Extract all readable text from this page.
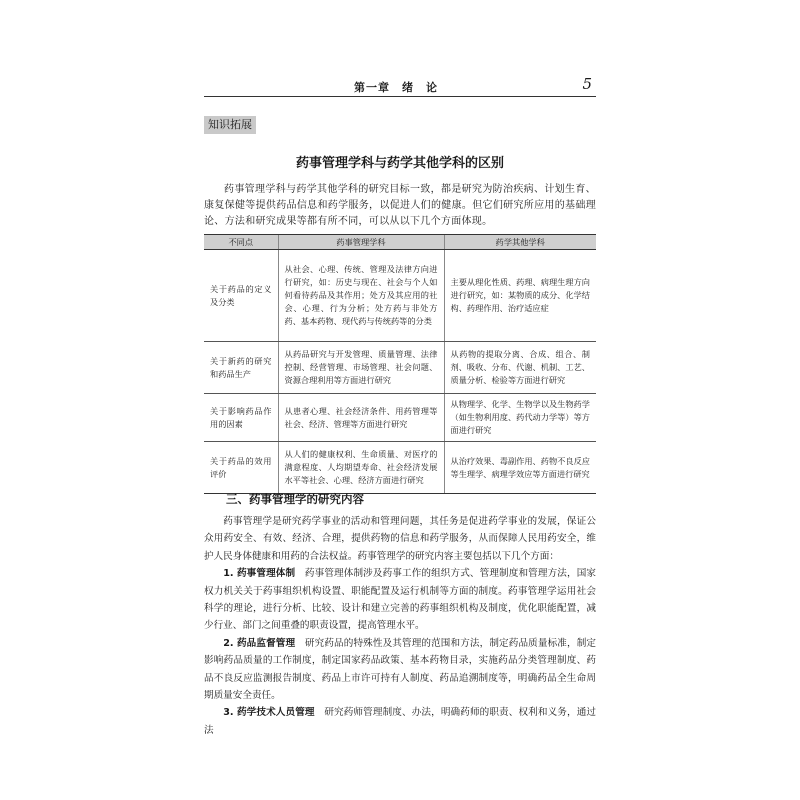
第一章　绪　论	5
知识拓展
药事管理学科与药学其他学科的区别

药事管理学科与药学其他学科的研究目标一致，都是研究为防治疾病、计划生育、康复保健等提供药品信息和药学服务，以促进人们的健康。但它们研究所应用的基础理论、方法和研究成果等都有所不同，可以从以下几个方面体现。

不同点	药事管理学科	药学其他学科
关于药品的定义及分类	从社会、心理、传统、管理及法律方向进行研究，如：历史与现在、社会与个人如何看待药品及其作用；处方及其应用的社会、心理、行为分析；处方药与非处方药、基本药物、现代药与传统药等的分类	主要从理化性质、药理、病理生理方向进行研究，如：某物质的成分、化学结构、药理作用、治疗适应症
关于新药的研究和药品生产	从药品研究与开发管理、质量管理、法律控制、经营管理、市场管理、社会问题、资源合理利用等方面进行研究	从药物的提取分离、合成、组合、制剂、吸收、分布、代谢、机制、工艺、质量分析、检验等方面进行研究
关于影响药品作用的因素	从患者心理、社会经济条件、用药管理等社会、经济、管理等方面进行研究	从物理学、化学、生物学以及生物药学（如生物利用度、药代动力学等）等方面进行研究
关于药品的效用评价	从人们的健康权利、生命质量、对医疗的满意程度、人均期望寿命、社会经济发展水平等社会、心理、经济方面进行研究	从治疗效果、毒副作用、药物不良反应等生理学、病理学效应等方面进行研究
三、药事管理学的研究内容

药事管理学是研究药学事业的活动和管理问题，其任务是促进药学事业的发展，保证公众用药安全、有效、经济、合理，提供药物的信息和药学服务，从而保障人民用药安全，维护人民身体健康和用药的合法权益。药事管理学的研究内容主要包括以下几个方面：

1. 药事管理体制　 药事管理体制涉及药事工作的组织方式、管理制度和管理方法，国家权力机关关于药事组织机构设置、职能配置及运行机制等方面的制度。药事管理学运用社会科学的理论，进行分析、比较、设计和建立完善的药事组织机构及制度，优化职能配置，减少行业、部门之间重叠的职责设置，提高管理水平。

2. 药品监督管理　 研究药品的特殊性及其管理的范围和方法，制定药品质量标准，制定影响药品质量的工作制度，制定国家药品政策、基本药物目录，实施药品分类管理制度、药品不良反应监测报告制度、药品上市许可持有人制度、药品追溯制度等，明确药品全生命周期质量安全责任。

3. 药学技术人员管理　 研究药师管理制度、办法，明确药师的职责、权利和义务，通过法
